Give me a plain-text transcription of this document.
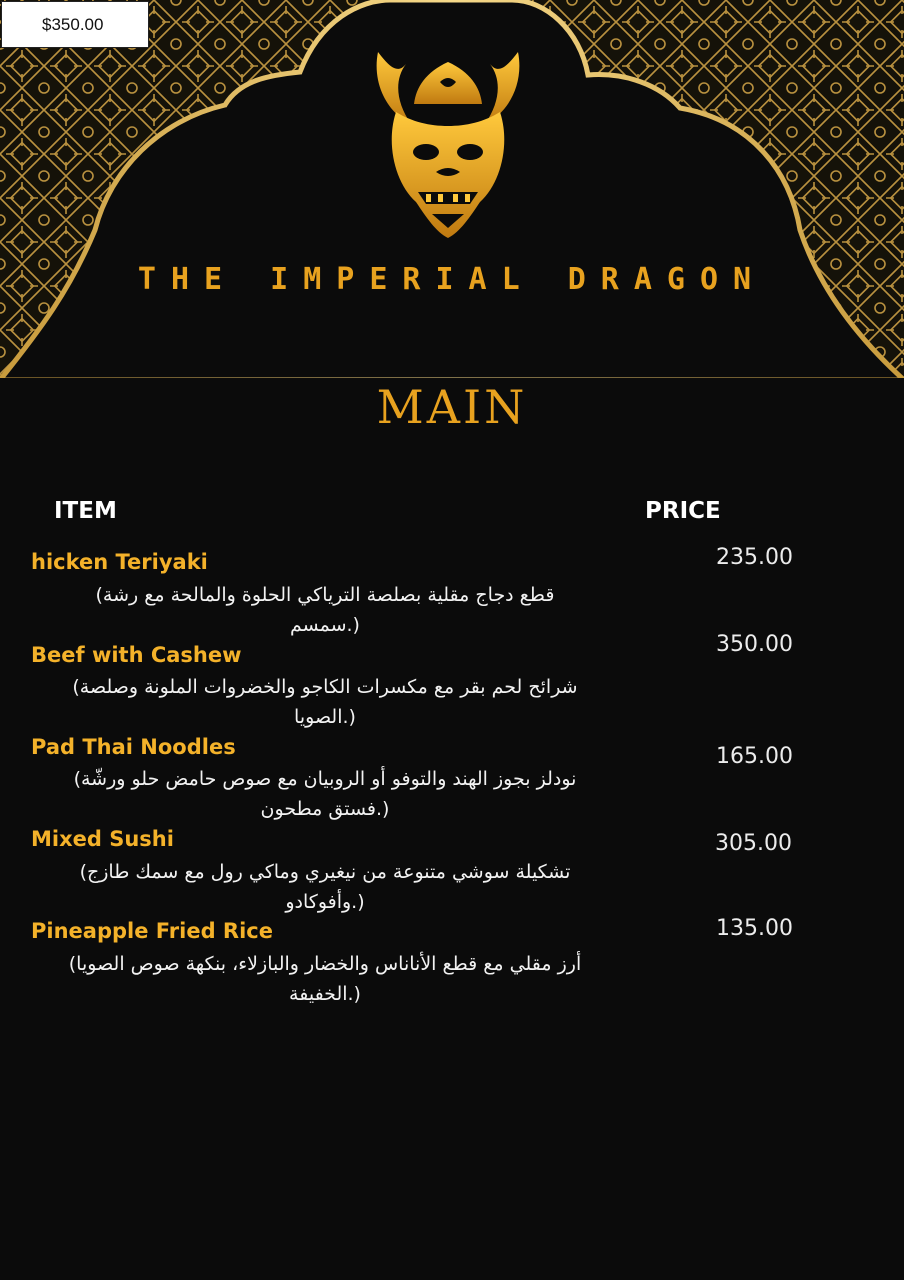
$350.00
THE IMPERIAL DRAGON
MAIN
ITEM	PRICE
hicken Teriyaki
قطع دجاج مقلية بصلصة الترياكي الحلوة والمالحة مع رشة)
(.سمسم
235.00
Beef with Cashew
شرائح لحم بقر مع مكسرات الكاجو والخضروات الملونة وصلصة)
(.الصويا
350.00
Pad Thai Noodles
نودلز بجوز الهند والتوفو أو الروبيان مع صوص حامض حلو ورشّة)
(.فستق مطحون
165.00
Mixed Sushi
تشكيلة سوشي متنوعة من نيغيري وماكي رول مع سمك طازج)
(.وأفوكادو
305.00
Pineapple Fried Rice
أرز مقلي مع قطع الأناناس والخضار والبازلاء، بنكهة صوص الصويا)
(.الخفيفة
135.00
